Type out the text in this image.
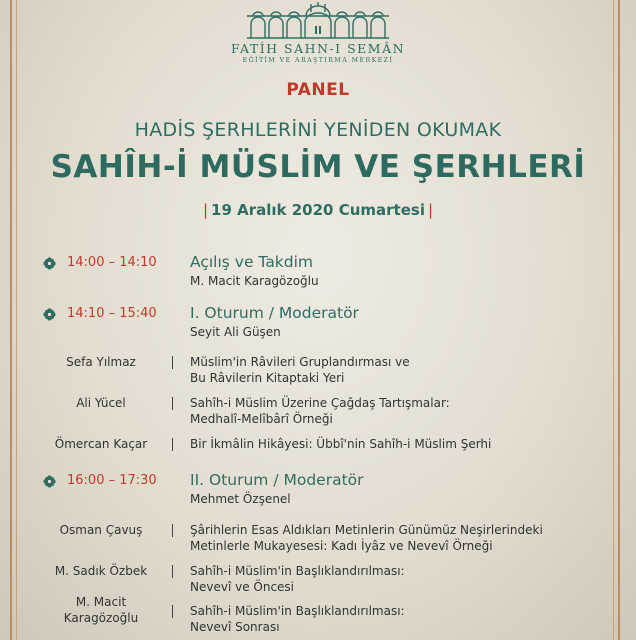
FATİH SAHN-I SEMÂN
EĞİTİM VE ARAŞTIRMA MERKEZİ
PANEL
HADİS ŞERHLERİNİ YENİDEN OKUMAK
SAHÎH-İ MÜSLİM VE ŞERHLERİ
| 19 Aralık 2020 Cumartesi |
14:00 – 14:10 Açılış ve Takdim
M. Macit Karagözoğlu
14:10 – 15:40 I. Oturum / Moderatör
Seyit Ali Güşen
Sefa Yılmaz	Müslim'in Râvileri Gruplandırması ve
Bu Râvilerin Kitaptaki Yeri
Ali Yücel	Sahîh-i Müslim Üzerine Çağdaş Tartışmalar:
Medhalî-Melîbârî Örneği
Ömercan Kaçar	Bir İkmâlin Hikâyesi: Übbî'nin Sahîh-i Müslim Şerhi
16:00 – 17:30 II. Oturum / Moderatör
Mehmet Özşenel
Osman Çavuş	Şârihlerin Esas Aldıkları Metinlerin Günümüz Neşirlerindeki
Metinlerle Mukayesesi: Kadı İyâz ve Nevevî Örneği
M. Sadık Özbek	Sahîh-i Müslim'in Başlıklandırılması:
Nevevî ve Öncesi
M. Macit
Karagözoğlu	Sahîh-i Müslim'in Başlıklandırılması:
Nevevî Sonrası
